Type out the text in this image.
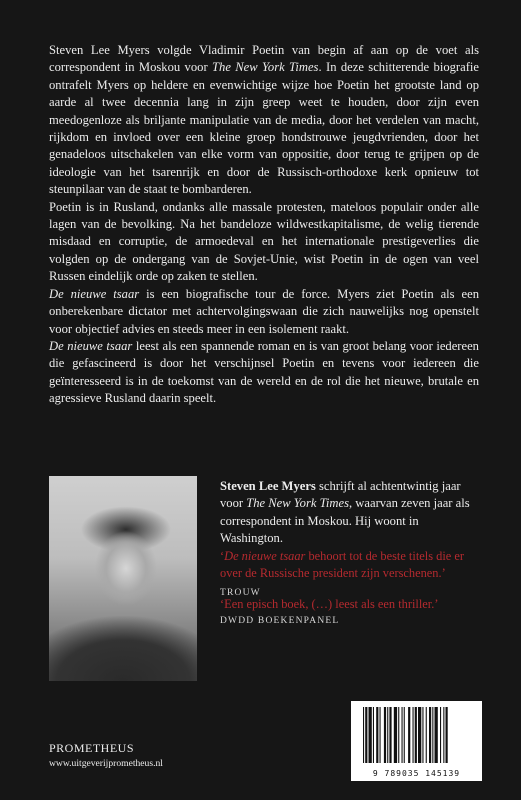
Steven Lee Myers volgde Vladimir Poetin van begin af aan op de voet als correspondent in Moskou voor The New York Times. In deze schitterende biografie ontrafelt Myers op heldere en evenwichtige wijze hoe Poetin het grootste land op aarde al twee decennia lang in zijn greep weet te houden, door zijn even meedogenloze als briljante manipulatie van de media, door het verdelen van macht, rijkdom en invloed over een kleine groep hondstrouwe jeugdvrienden, door het genadeloos uitschakelen van elke vorm van oppositie, door terug te grijpen op de ideologie van het tsarenrijk en door de Russisch-orthodoxe kerk opnieuw tot steunpilaar van de staat te bombarderen.

Poetin is in Rusland, ondanks alle massale protesten, mateloos populair onder alle lagen van de bevolking. Na het bandeloze wildwestkapitalisme, de welig tierende misdaad en corruptie, de armoedeval en het internationale prestigeverlies die volgden op de ondergang van de Sovjet-Unie, wist Poetin in de ogen van veel Russen eindelijk orde op zaken te stellen.

De nieuwe tsaar is een biografische tour de force. Myers ziet Poetin als een onberekenbare dictator met achtervolgingswaan die zich nauwelijks nog openstelt voor objectief advies en steeds meer in een isolement raakt.

De nieuwe tsaar leest als een spannende roman en is van groot belang voor iedereen die gefascineerd is door het verschijnsel Poetin en tevens voor iedereen die geïnteresseerd is in de toekomst van de wereld en de rol die het nieuwe, brutale en agressieve Rusland daarin speelt.

Steven Lee Myers schrijft al achtentwintig jaar voor The New York Times, waarvan zeven jaar als correspondent in Moskou. Hij woont in Washington.
‘De nieuwe tsaar behoort tot de beste titels die er over de Russische president zijn verschenen.’ TROUW
‘Een episch boek, (…) leest als een thriller.’
DWDD BOEKENPANEL
PROMETHEUS
www.uitgeverijprometheus.nl
9 789035 145139
